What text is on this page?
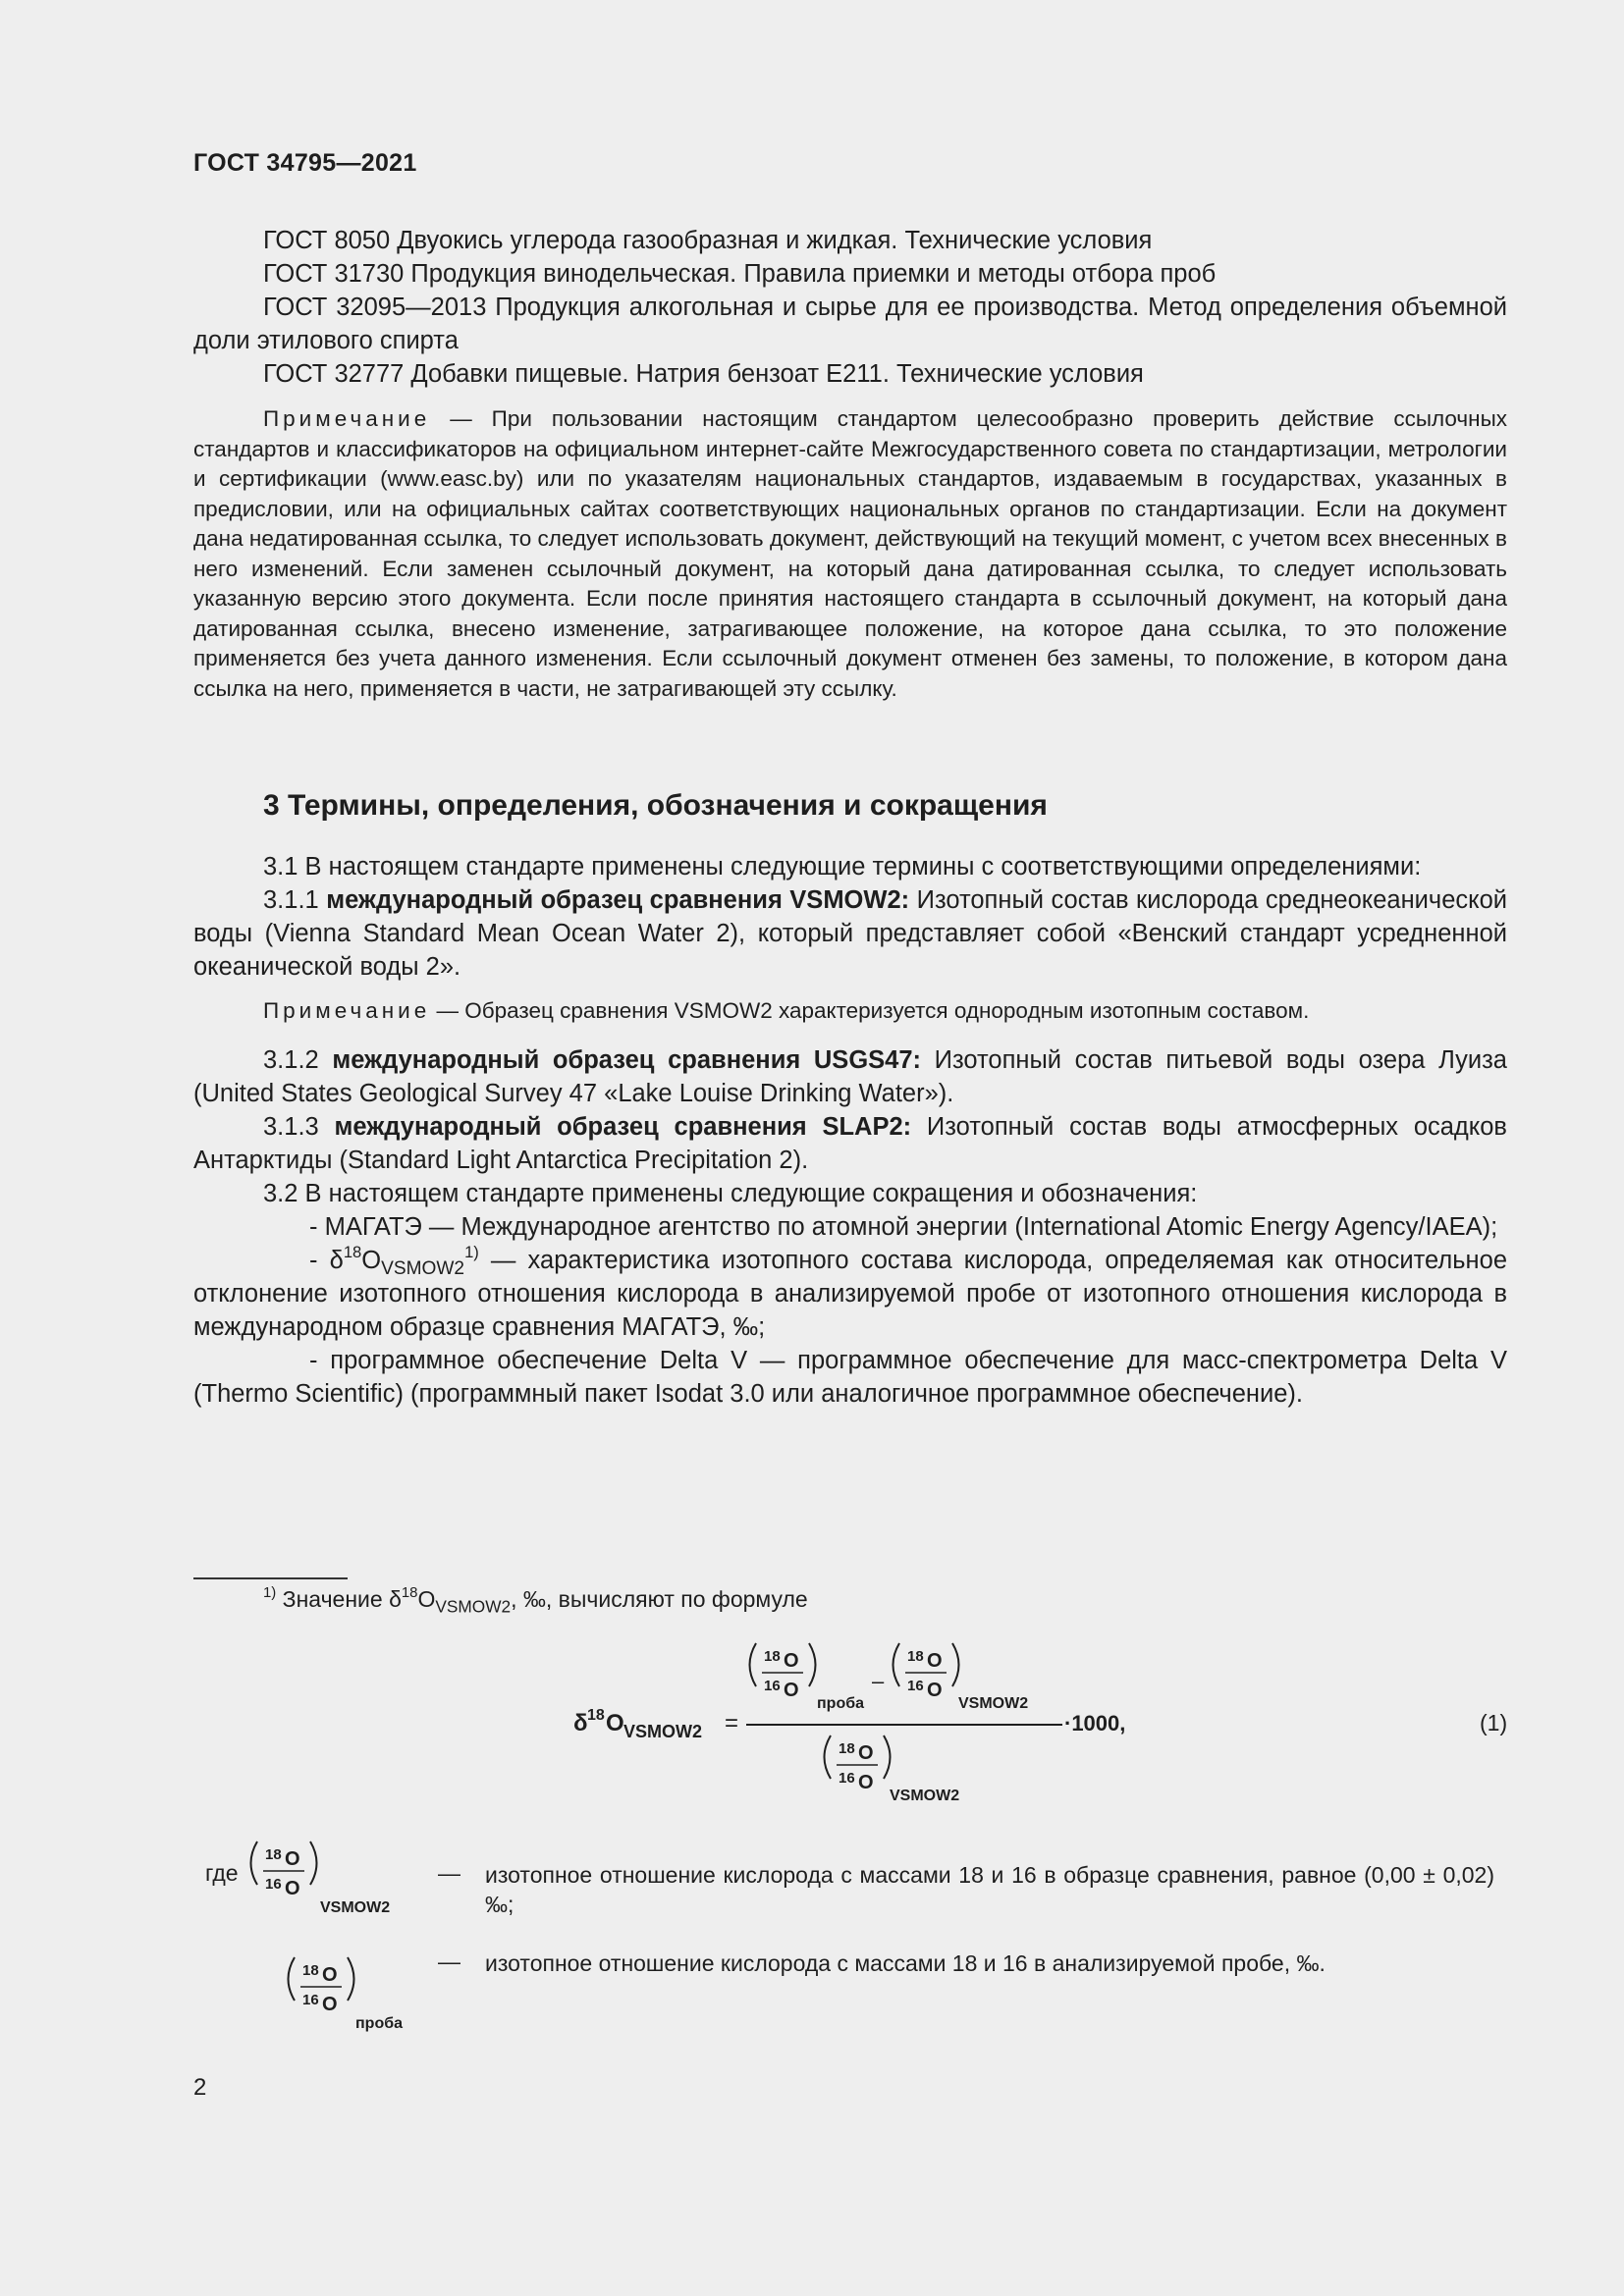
ГОСТ 34795—2021

ГОСТ 8050 Двуокись углерода газообразная и жидкая. Технические условия

ГОСТ 31730 Продукция винодельческая. Правила приемки и методы отбора проб

ГОСТ 32095—2013 Продукция алкогольная и сырье для ее производства. Метод определения объемной доли этилового спирта

ГОСТ 32777 Добавки пищевые. Натрия бензоат Е211. Технические условия

Примечание — При пользовании настоящим стандартом целесообразно проверить действие ссылочных стандартов и классификаторов на официальном интернет-сайте Межгосударственного совета по стандартизации, метрологии и сертификации (www.easc.by) или по указателям национальных стандартов, издаваемым в государствах, указанных в предисловии, или на официальных сайтах соответствующих национальных органов по стандартизации. Если на документ дана недатированная ссылка, то следует использовать документ, действующий на текущий момент, с учетом всех внесенных в него изменений. Если заменен ссылочный документ, на который дана датированная ссылка, то следует использовать указанную версию этого документа. Если после принятия настоящего стандарта в ссылочный документ, на который дана датированная ссылка, внесено изменение, затрагивающее положение, на которое дана ссылка, то это положение применяется без учета данного изменения. Если ссылочный документ отменен без замены, то положение, в котором дана ссылка на него, применяется в части, не затрагивающей эту ссылку.

3 Термины, определения, обозначения и сокращения

3.1 В настоящем стандарте применены следующие термины с соответствующими определениями:

3.1.1 международный образец сравнения VSMOW2: Изотопный состав кислорода среднеокеанической воды (Vienna Standard Mean Ocean Water 2), который представляет собой «Венский стандарт усредненной океанической воды 2».

Примечание — Образец сравнения VSMOW2 характеризуется однородным изотопным составом.

3.1.2 международный образец сравнения USGS47: Изотопный состав питьевой воды озера Луиза (United States Geological Survey 47 «Lake Louise Drinking Water»).

3.1.3 международный образец сравнения SLAP2: Изотопный состав воды атмосферных осадков Антарктиды (Standard Light Antarctica Precipitation 2).

3.2 В настоящем стандарте применены следующие сокращения и обозначения:

- МАГАТЭ — Международное агентство по атомной энергии (International Atomic Energy Agency/IAEA);

- $\delta^{18}O_{VSMOW2}^{1)}$ — характеристика изотопного состава кислорода, определяемая как относительное отклонение изотопного отношения кислорода в анализируемой пробе от изотопного отношения кислорода в международном образце сравнения МАГАТЭ, ‰;

- программное обеспечение Delta V — программное обеспечение для масс-спектрометра Delta V (Thermo Scientific) (программный пакет Isodat 3.0 или аналогичное программное обеспечение).

$^{1)}$ Значение $\delta^{18}O_{VSMOW2}$, ‰, вычисляют по формуле
δ 18 O VSMOW2 =
18 O
16 O
проба
–
18 O
16 O
VSMOW2
18 O
16 O
VSMOW2
·1000,	(1)
где
18 O
16 O
VSMOW2
— изотопное отношение кислорода с массами 18 и 16 в образце сравнения, равное (0,00 ± 0,02) ‰;
18 O
16 O
проба
— изотопное отношение кислорода с массами 18 и 16 в анализируемой пробе, ‰.
2
